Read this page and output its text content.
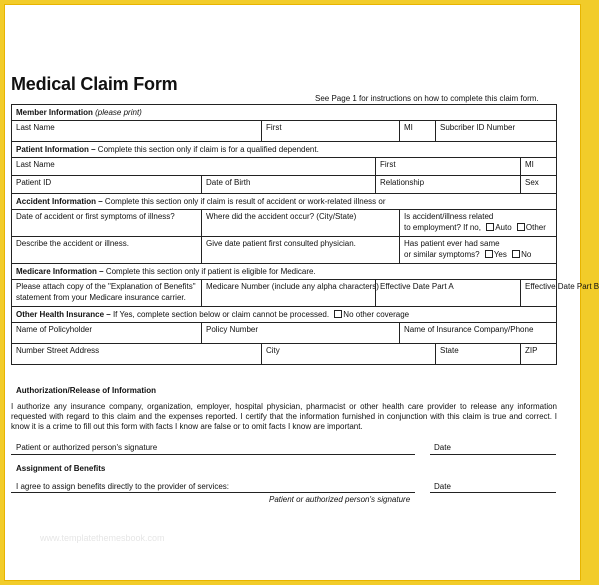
Medical Claim Form
See Page 1 for instructions on how to complete this claim form.
Member Information (please print)						
Last Name		First		MI	Subcriber ID Number	
Patient Information – Complete this section only if claim is for a qualified dependent.						
Last Name			First			MI
Patient ID	Date of Birth		Relationship			Sex
Accident Information – Complete this section only if claim is result of accident or work-related illness or						
Date of accident or first symptoms of illness?	Where did the accident occur? (City/State)			Is accident/illness related
to employment? If no, Auto Other		

Describe the accident or illness.	Give date patient first consulted physician.			Has patient ever had same
or similar symptoms? Yes No		

Medicare Information – Complete this section only if patient is eligible for Medicare.						

Please attach copy of the "Explanation of Benefits"
statement from your Medicare insurance carrier.	Medicare Number (include any alpha characters)		Effective Date Part A			Effective Date Part B
Other Health Insurance – If Yes, complete section below or claim cannot be processed. No other coverage						
Name of Policyholder	Policy Number			Name of Insurance Company/Phone		
Number Street Address		City			State	ZIP
Authorization/Release of Information
I authorize any insurance company, organization, employer, hospital physician, pharmacist or other health care provider to release any information requested with regard to this claim and the expenses reported. I certify that the information furnished in conjunction with this claim is true and correct. I know it is a crime to fill out this form with facts I know are false or to omit facts I know are important.
Patient or authorized person's signature	Date
Assignment of Benefits
I agree to assign benefits directly to the provider of services:
Patient or authorized person's signature
Date
www.templatethemesbook.com
